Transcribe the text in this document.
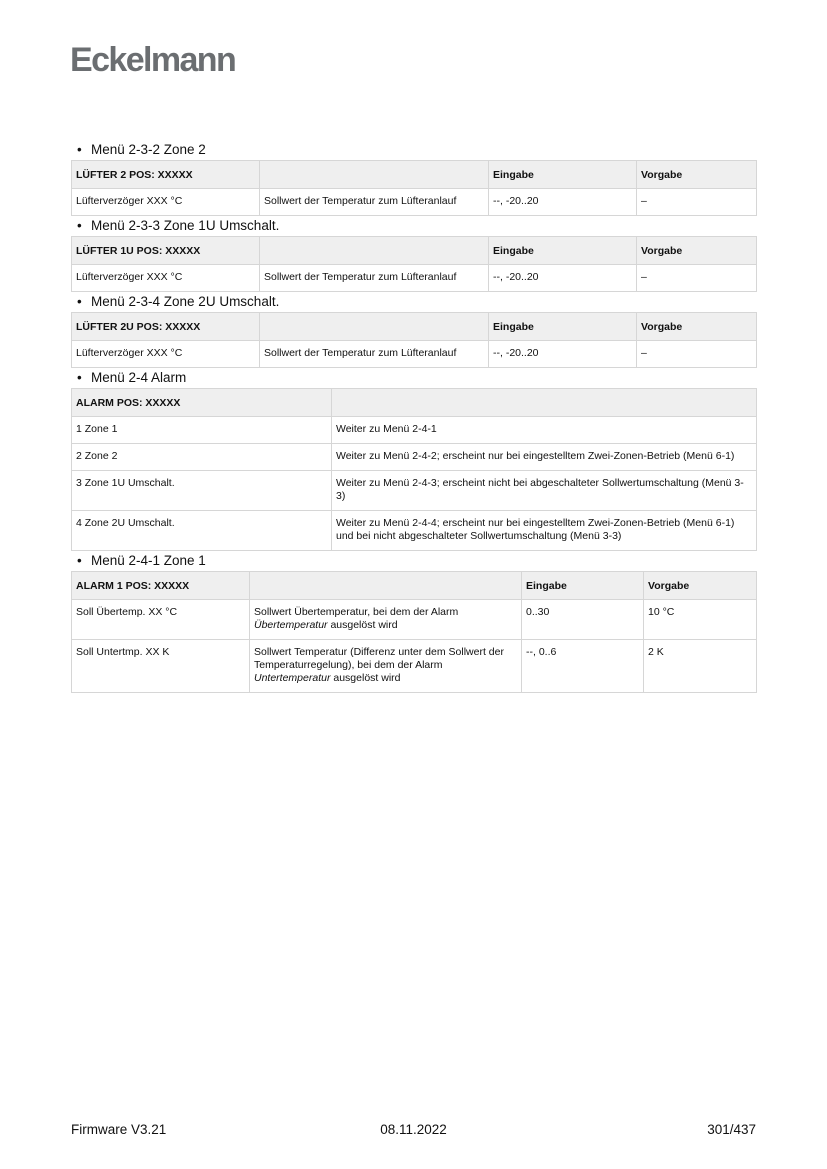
Eckelmann
• Menü 2-3-2 Zone 2
LÜFTER 2 POS: XXXXX		Eingabe	Vorgabe
Lüfterverzöger XXX °C	Sollwert der Temperatur zum Lüfteranlauf	--, -20..20	–
• Menü 2-3-3 Zone 1U Umschalt.
LÜFTER 1U POS: XXXXX		Eingabe	Vorgabe
Lüfterverzöger XXX °C	Sollwert der Temperatur zum Lüfteranlauf	--, -20..20	–
• Menü 2-3-4 Zone 2U Umschalt.
LÜFTER 2U POS: XXXXX		Eingabe	Vorgabe
Lüfterverzöger XXX °C	Sollwert der Temperatur zum Lüfteranlauf	--, -20..20	–
• Menü 2-4 Alarm
ALARM POS: XXXXX	
1 Zone 1	Weiter zu Menü 2-4-1
2 Zone 2	Weiter zu Menü 2-4-2; erscheint nur bei eingestelltem Zwei-Zonen-Betrieb (Menü 6-1)
3 Zone 1U Umschalt.	Weiter zu Menü 2-4-3; erscheint nicht bei abgeschalteter Sollwertumschaltung (Menü 3-3)
4 Zone 2U Umschalt.	Weiter zu Menü 2-4-4; erscheint nur bei eingestelltem Zwei-Zonen-Betrieb (Menü 6-1) und bei nicht abgeschalteter Sollwertumschaltung (Menü 3-3)
• Menü 2-4-1 Zone 1
ALARM 1 POS: XXXXX		Eingabe	Vorgabe
Soll Übertemp. XX °C	Sollwert Übertemperatur, bei dem der Alarm Übertemperatur ausgelöst wird	0..30	10 °C
Soll Untertmp. XX K	Sollwert Temperatur (Differenz unter dem Sollwert der Temperaturregelung), bei dem der Alarm Untertemperatur ausgelöst wird	--, 0..6	2 K
Firmware V3.21	08.11.2022	301/437
